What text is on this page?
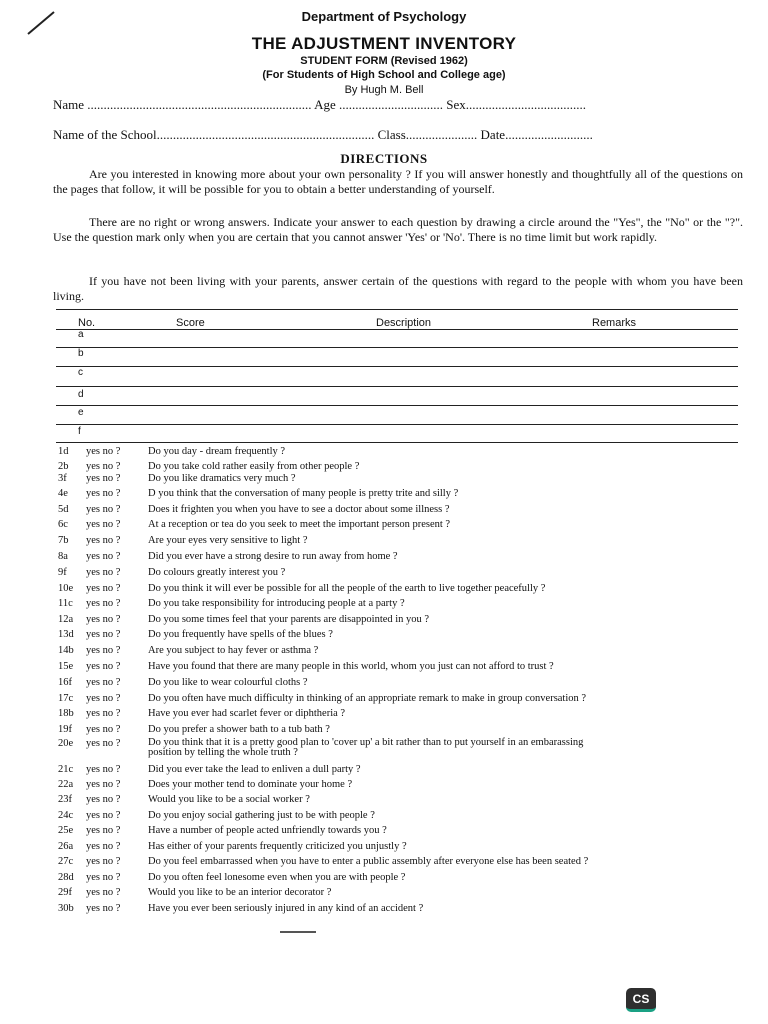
Department of Psychology
THE ADJUSTMENT INVENTORY
STUDENT FORM (Revised 1962)
(For Students of High School and College age)
By Hugh M. Bell
Name ..................................................................... Age ................................ Sex.....................................
Name of the School................................................................... Class...................... Date...........................
DIRECTIONS
Are you interested in knowing more about your own personality ? If you will answer honestly and thoughtfully all of the questions on the pages that follow, it will be possible for you to obtain a better understanding of yourself.
There are no right or wrong answers. Indicate your answer to each question by drawing a circle around the "Yes", the "No" or the "?". Use the question mark only when you are certain that you cannot answer 'Yes' or 'No'. There is no time limit but work rapidly.
If you have not been living with your parents, answer certain of the questions with regard to the people with whom you have been living.
No.	Score	Description	Remarks
a
b
c
d
e
f
1d	yes no ?	Do you day - dream frequently ?
2b	yes no ?	Do you take cold rather easily from other people ?
3f	yes no ?	Do you like dramatics very much ?
4e	yes no ?	D you think that the conversation of many people is pretty trite and silly ?
5d	yes no ?	Does it frighten you when you have to see a doctor about some illness ?
6c	yes no ?	At a reception or tea do you seek to meet the important person present ?
7b	yes no ?	Are your eyes very sensitive to light ?
8a	yes no ?	Did you ever have a strong desire to run away from home ?
9f	yes no ?	Do colours greatly interest you ?
10e	yes no ?	Do you think it will ever be possible for all the people of the earth to live together peacefully ?
11c	yes no ?	Do you take responsibility for introducing people at a party ?
12a	yes no ?	Do you some times feel that your parents are disappointed in you ?
13d	yes no ?	Do you frequently have spells of the blues ?
14b	yes no ?	Are you subject to hay fever or asthma ?
15e	yes no ?	Have you found that there are many people in this world, whom you just can not afford to trust ?
16f	yes no ?	Do you like to wear colourful cloths ?
17c	yes no ?	Do you often have much difficulty in thinking of an appropriate remark to make in group conversation ?
18b	yes no ?	Have you ever had scarlet fever or diphtheria ?
19f	yes no ?	Do you prefer a shower bath to a tub bath ?
20e	yes no ?	Do you think that it is a pretty good plan to 'cover up' a bit rather than to put yourself in an embarassing position by telling the whole truth ?
21c	yes no ?	Did you ever take the lead to enliven a dull party ?
22a	yes no ?	Does your mother tend to dominate your home ?
23f	yes no ?	Would you like to be a social worker ?
24c	yes no ?	Do you enjoy social gathering just to be with people ?
25e	yes no ?	Have a number of people acted unfriendly towards you ?
26a	yes no ?	Has either of your parents frequently criticized you unjustly ?
27c	yes no ?	Do you feel embarrassed when you have to enter a public assembly after everyone else has been seated ?
28d	yes no ?	Do you often feel lonesome even when you are with people ?
29f	yes no ?	Would you like to be an interior decorator ?
30b	yes no ?	Have you ever been seriously injured in any kind of an accident ?
CS
